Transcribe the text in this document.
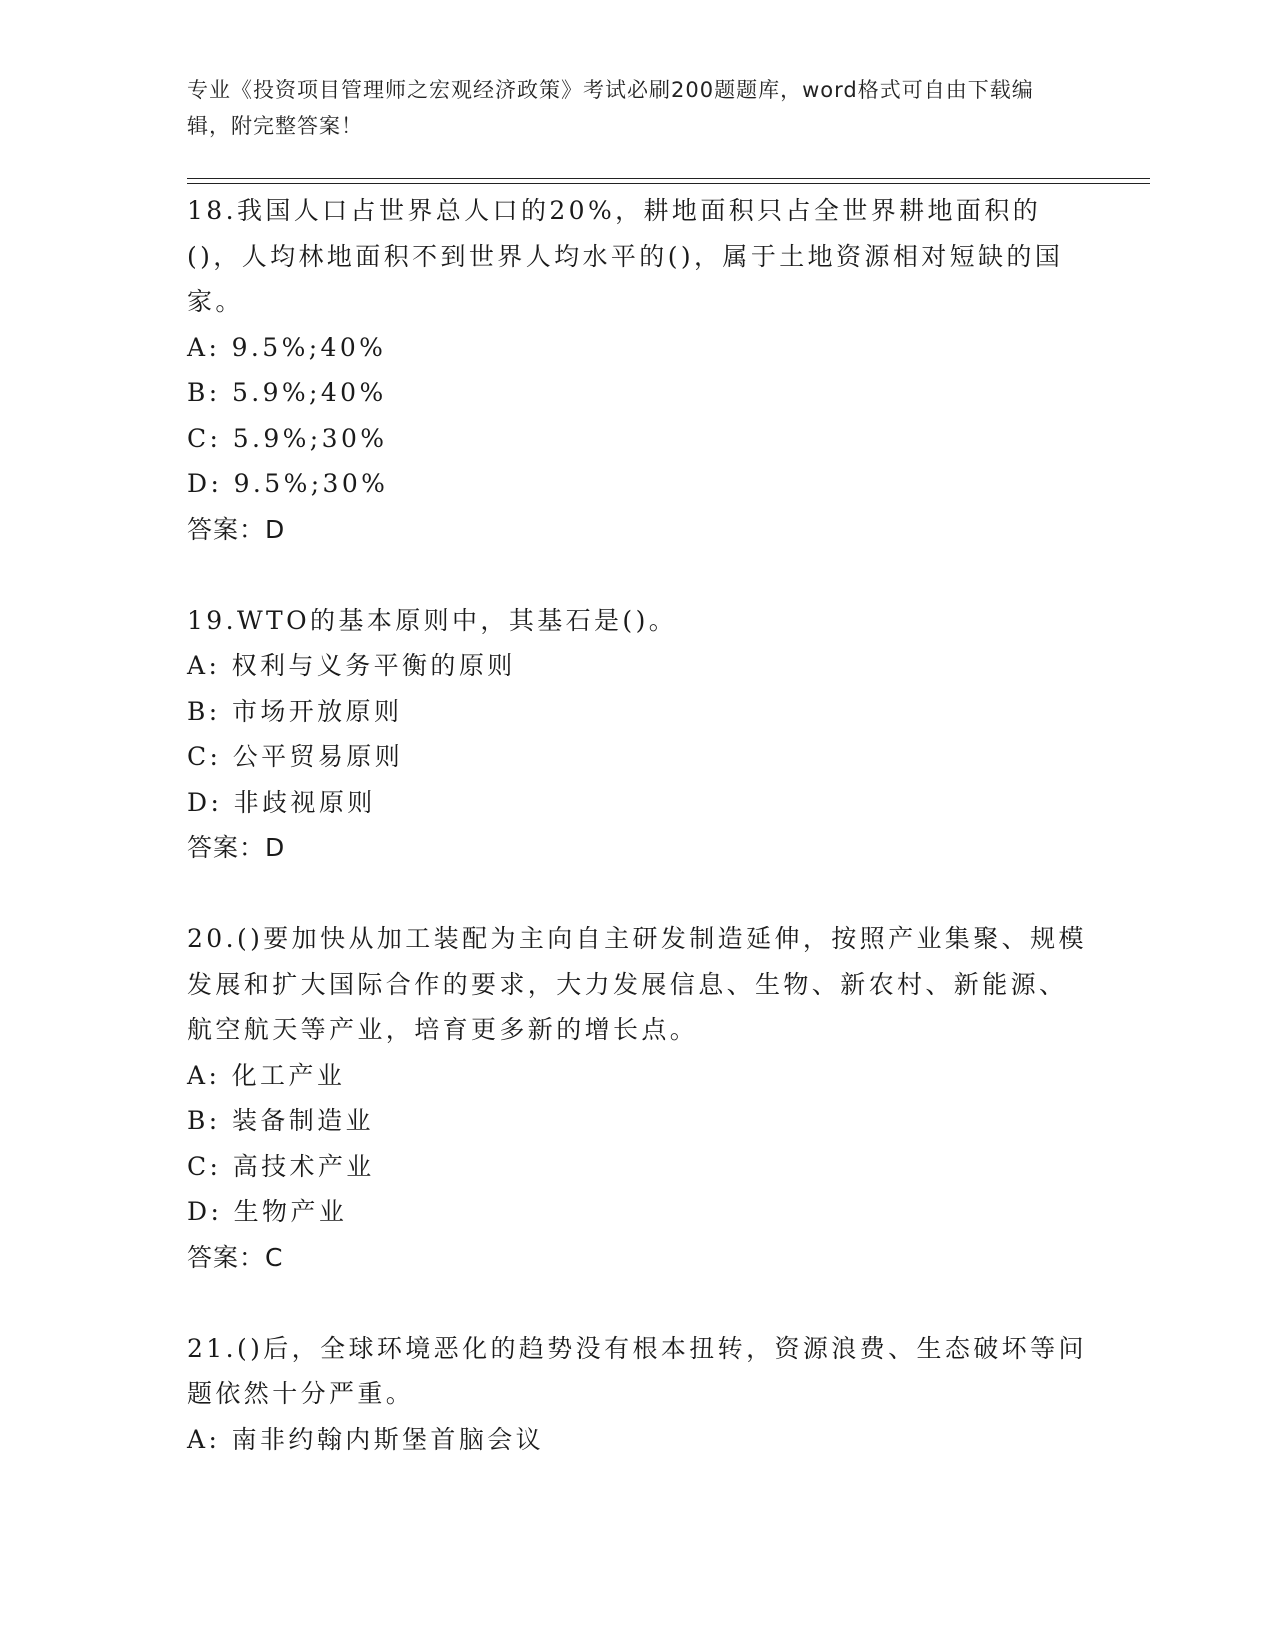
专业《投资项目管理师之宏观经济政策》考试必刷200题题库，word格式可自由下载编辑，附完整答案！

18.我国人口占世界总人口的20%，耕地面积只占全世界耕地面积的()，人均林地面积不到世界人均水平的()，属于土地资源相对短缺的国家。

A: 9.5%;40%

B: 5.9%;40%

C: 5.9%;30%

D: 9.5%;30%

答案：D

19.WTO的基本原则中，其基石是()。

A: 权利与义务平衡的原则

B: 市场开放原则

C: 公平贸易原则

D: 非歧视原则

答案：D

20.()要加快从加工装配为主向自主研发制造延伸，按照产业集聚、规模发展和扩大国际合作的要求，大力发展信息、生物、新农村、新能源、航空航天等产业，培育更多新的增长点。

A: 化工产业

B: 装备制造业

C: 高技术产业

D: 生物产业

答案：C

21.()后，全球环境恶化的趋势没有根本扭转，资源浪费、生态破坏等问题依然十分严重。

A: 南非约翰内斯堡首脑会议
